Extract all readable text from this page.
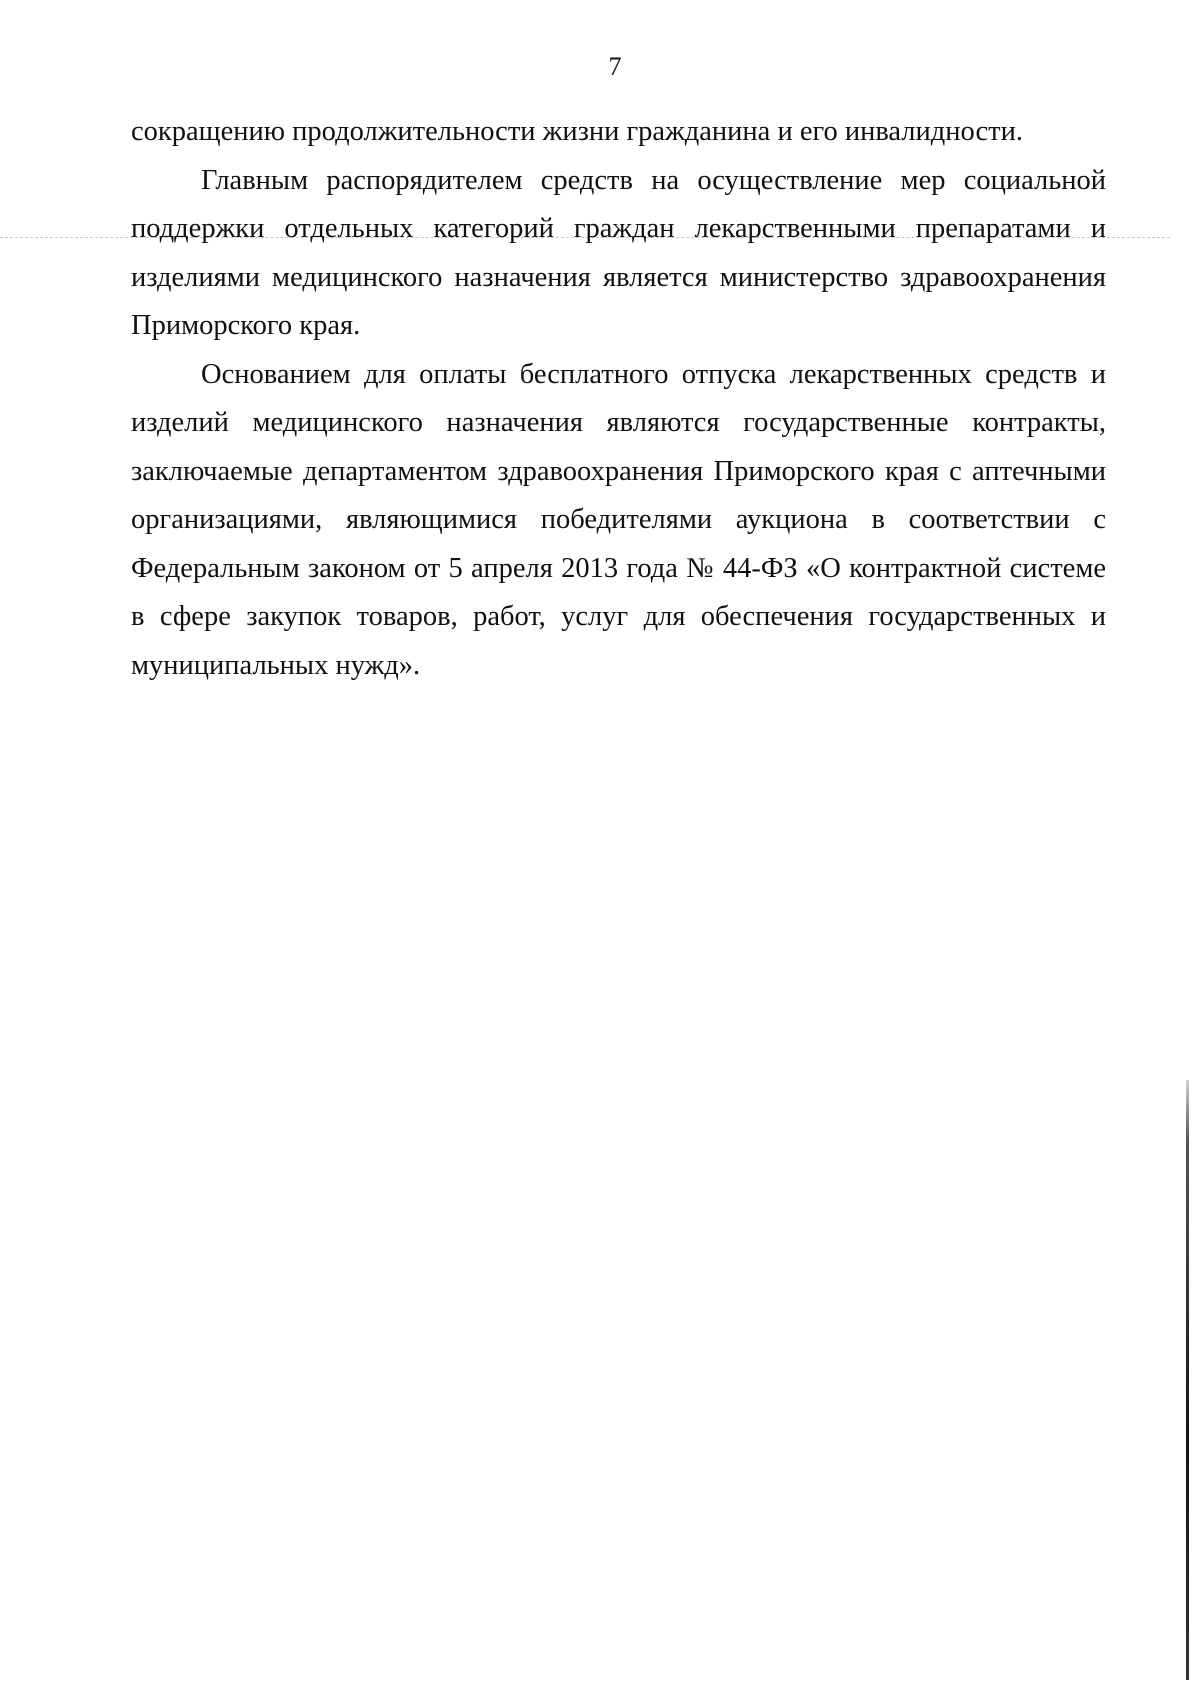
7

сокращению продолжительности жизни гражданина и его инвалидности.

Главным распорядителем средств на осуществление мер социальной поддержки отдельных категорий граждан лекарственными препаратами и изделиями медицинского назначения является министерство здравоохранения Приморского края.

Основанием для оплаты бесплатного отпуска лекарственных средств и изделий медицинского назначения являются государственные контракты, заключаемые департаментом здравоохранения Приморского края с аптечными организациями, являющимися победителями аукциона в соответствии с Федеральным законом от 5 апреля 2013 года № 44-ФЗ «О контрактной системе в сфере закупок товаров, работ, услуг для обеспечения государственных и муниципальных нужд».
